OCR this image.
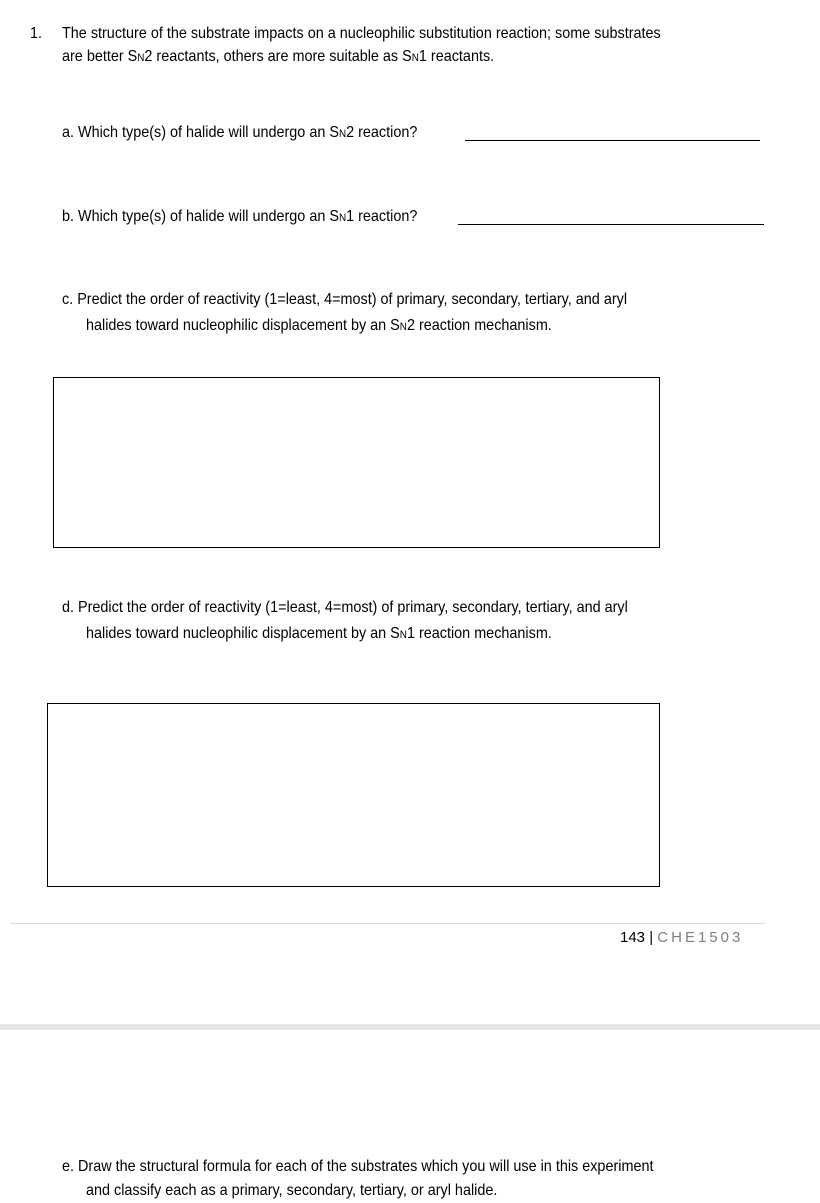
1. The structure of the substrate impacts on a nucleophilic substitution reaction; some substrates
are better SN2 reactants, others are more suitable as SN1 reactants.
a. Which type(s) of halide will undergo an SN2 reaction?
b. Which type(s) of halide will undergo an SN1 reaction?
c. Predict the order of reactivity (1=least, 4=most) of primary, secondary, tertiary, and aryl
halides toward nucleophilic displacement by an SN2 reaction mechanism.
d. Predict the order of reactivity (1=least, 4=most) of primary, secondary, tertiary, and aryl
halides toward nucleophilic displacement by an SN1 reaction mechanism.
143 | CHE1503
e. Draw the structural formula for each of the substrates which you will use in this experiment
and classify each as a primary, secondary, tertiary, or aryl halide.
